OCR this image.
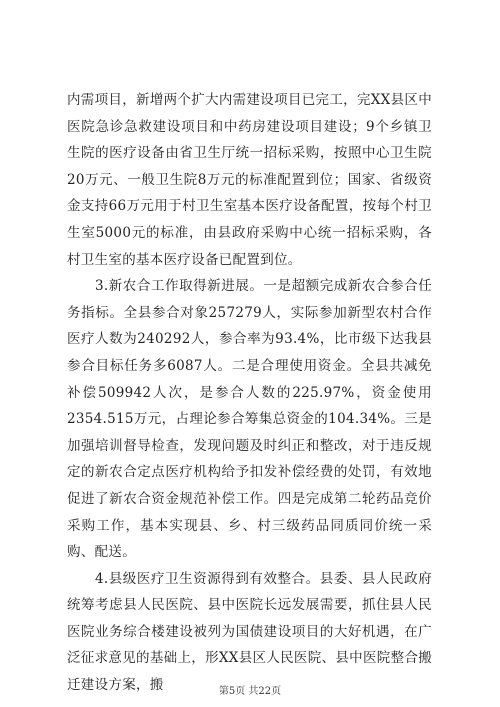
内需项目，新增两个扩大内需建设项目已完工，完XX县区中医院急诊急救建设项目和中药房建设项目建设；9个乡镇卫生院的医疗设备由省卫生厅统一招标采购，按照中心卫生院20万元、一般卫生院8万元的标准配置到位；国家、省级资金支持66万元用于村卫生室基本医疗设备配置，按每个村卫生室5000元的标准，由县政府采购中心统一招标采购，各村卫生室的基本医疗设备已配置到位。

3.新农合工作取得新进展。一是超额完成新农合参合任务指标。全县参合对象257279人，实际参加新型农村合作医疗人数为240292人，参合率为93.4%，比市级下达我县参合目标任务多6087人。二是合理使用资金。全县共减免补偿509942人次，是参合人数的225.97%，资金使用2354.515万元，占理论参合筹集总资金的104.34%。三是加强培训督导检查，发现问题及时纠正和整改，对于违反规定的新农合定点医疗机构给予扣发补偿经费的处罚，有效地促进了新农合资金规范补偿工作。四是完成第二轮药品竞价采购工作，基本实现县、乡、村三级药品同质同价统一采购、配送。

4.县级医疗卫生资源得到有效整合。县委、县人民政府统筹考虑县人民医院、县中医院长远发展需要，抓住县人民医院业务综合楼建设被列为国债建设项目的大好机遇，在广泛征求意见的基础上，形XX县区人民医院、县中医院整合搬迁建设方案，搬	第5页 共22页
